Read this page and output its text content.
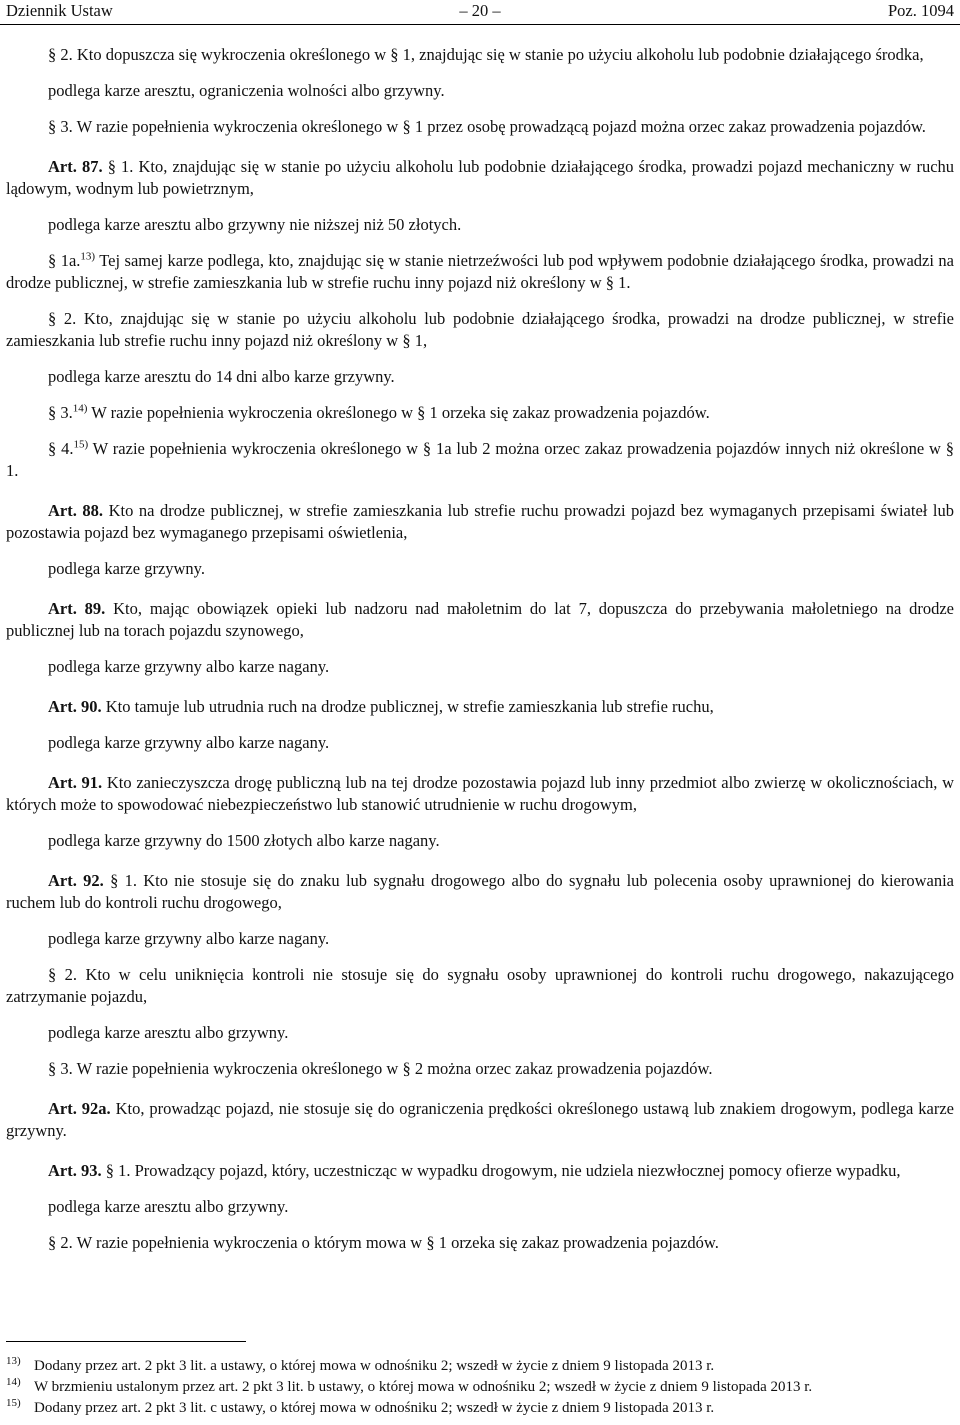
Dziennik Ustaw	– 20 –	Poz. 1094

§ 2. Kto dopuszcza się wykroczenia określonego w § 1, znajdując się w stanie po użyciu alkoholu lub podobnie działającego środka,

podlega karze aresztu, ograniczenia wolności albo grzywny.

§ 3. W razie popełnienia wykroczenia określonego w § 1 przez osobę prowadzącą pojazd można orzec zakaz prowadzenia pojazdów.

Art. 87. § 1. Kto, znajdując się w stanie po użyciu alkoholu lub podobnie działającego środka, prowadzi pojazd mechaniczny w ruchu lądowym, wodnym lub powietrznym,

podlega karze aresztu albo grzywny nie niższej niż 50 złotych.

§ 1a.$^{13)}$ Tej samej karze podlega, kto, znajdując się w stanie nietrzeźwości lub pod wpływem podobnie działającego środka, prowadzi na drodze publicznej, w strefie zamieszkania lub w strefie ruchu inny pojazd niż określony w § 1.

§ 2. Kto, znajdując się w stanie po użyciu alkoholu lub podobnie działającego środka, prowadzi na drodze publicznej, w strefie zamieszkania lub strefie ruchu inny pojazd niż określony w § 1,

podlega karze aresztu do 14 dni albo karze grzywny.

§ 3.$^{14)}$ W razie popełnienia wykroczenia określonego w § 1 orzeka się zakaz prowadzenia pojazdów.

§ 4.$^{15)}$ W razie popełnienia wykroczenia określonego w § 1a lub 2 można orzec zakaz prowadzenia pojazdów innych niż określone w § 1.

Art. 88. Kto na drodze publicznej, w strefie zamieszkania lub strefie ruchu prowadzi pojazd bez wymaganych przepisami świateł lub pozostawia pojazd bez wymaganego przepisami oświetlenia,

podlega karze grzywny.

Art. 89. Kto, mając obowiązek opieki lub nadzoru nad małoletnim do lat 7, dopuszcza do przebywania małoletniego na drodze publicznej lub na torach pojazdu szynowego,

podlega karze grzywny albo karze nagany.

Art. 90. Kto tamuje lub utrudnia ruch na drodze publicznej, w strefie zamieszkania lub strefie ruchu,

podlega karze grzywny albo karze nagany.

Art. 91. Kto zanieczyszcza drogę publiczną lub na tej drodze pozostawia pojazd lub inny przedmiot albo zwierzę w okolicznościach, w których może to spowodować niebezpieczeństwo lub stanowić utrudnienie w ruchu drogowym,

podlega karze grzywny do 1500 złotych albo karze nagany.

Art. 92. § 1. Kto nie stosuje się do znaku lub sygnału drogowego albo do sygnału lub polecenia osoby uprawnionej do kierowania ruchem lub do kontroli ruchu drogowego,

podlega karze grzywny albo karze nagany.

§ 2. Kto w celu uniknięcia kontroli nie stosuje się do sygnału osoby uprawnionej do kontroli ruchu drogowego, nakazującego zatrzymanie pojazdu,

podlega karze aresztu albo grzywny.

§ 3. W razie popełnienia wykroczenia określonego w § 2 można orzec zakaz prowadzenia pojazdów.

Art. 92a. Kto, prowadząc pojazd, nie stosuje się do ograniczenia prędkości określonego ustawą lub znakiem drogowym, podlega karze grzywny.

Art. 93. § 1. Prowadzący pojazd, który, uczestnicząc w wypadku drogowym, nie udziela niezwłocznej pomocy ofierze wypadku,

podlega karze aresztu albo grzywny.

§ 2. W razie popełnienia wykroczenia o którym mowa w § 1 orzeka się zakaz prowadzenia pojazdów.

13) Dodany przez art. 2 pkt 3 lit. a ustawy, o której mowa w odnośniku 2; wszedł w życie z dniem 9 listopada 2013 r.

14) W brzmieniu ustalonym przez art. 2 pkt 3 lit. b ustawy, o której mowa w odnośniku 2; wszedł w życie z dniem 9 listopada 2013 r.

15) Dodany przez art. 2 pkt 3 lit. c ustawy, o której mowa w odnośniku 2; wszedł w życie z dniem 9 listopada 2013 r.
